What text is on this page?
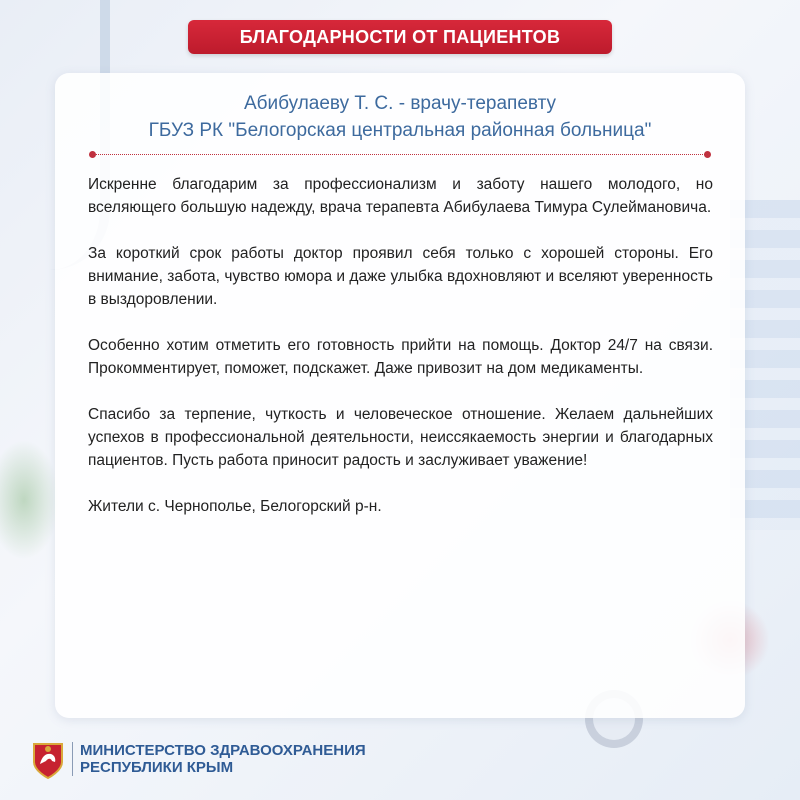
БЛАГОДАРНОСТИ ОТ ПАЦИЕНТОВ
Абибулаеву Т. С. - врачу-терапевту
ГБУЗ РК "Белогорская центральная районная больница"

Искренне благодарим за профессионализм и заботу нашего молодого, но вселяющего большую надежду, врача терапевта Абибулаева Тимура Сулеймановича.

За короткий срок работы доктор проявил себя только с хорошей стороны. Его внимание, забота, чувство юмора и даже улыбка вдохновляют и вселяют уверенность в выздоровлении.

Особенно хотим отметить его готовность прийти на помощь. Доктор 24/7 на связи. Прокомментирует, поможет, подскажет. Даже привозит на дом медикаменты.

Спасибо за терпение, чуткость и человеческое отношение. Желаем дальнейших успехов в профессиональной деятельности, неиссякаемость энергии и благодарных пациентов. Пусть работа приносит радость и заслуживает уважение!

Жители с. Чернополье, Белогорский р-н.

МИНИСТЕРСТВО ЗДРАВООХРАНЕНИЯ
РЕСПУБЛИКИ КРЫМ
